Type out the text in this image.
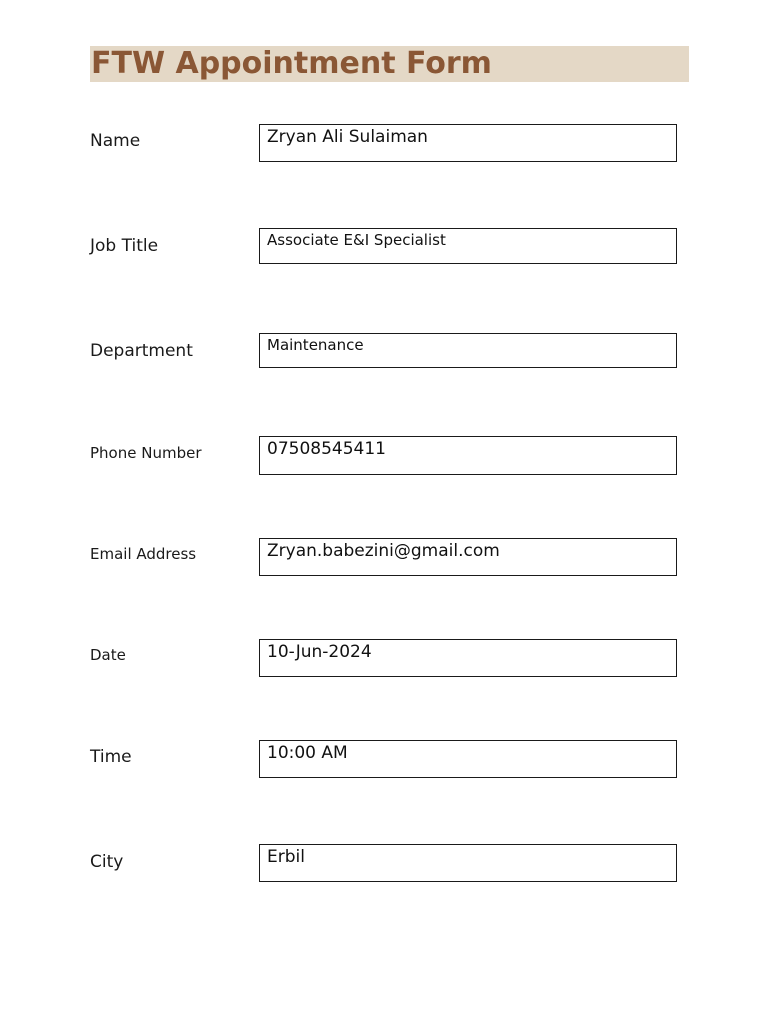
FTW Appointment Form
Name	Zryan Ali Sulaiman
Job Title	Associate E&I Specialist
Department	Maintenance
Phone Number	07508545411
Email Address	Zryan.babezini@gmail.com
Date	10-Jun-2024
Time	10:00 AM
City	Erbil
